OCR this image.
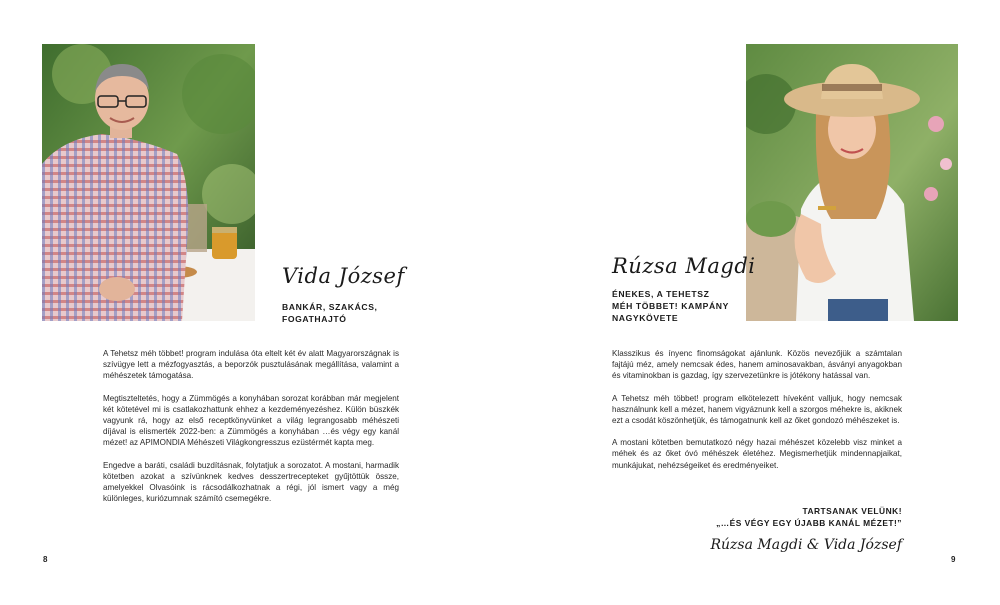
Vida József
BANKÁR, SZAKÁCS,
FOGATHAJTÓ

A Tehetsz méh többet! program indulása óta eltelt két év alatt Magyarországnak is szívügye lett a mézfogyasztás, a beporzók pusztulásának megállítása, valamint a méhészetek támogatása.

Megtiszteltetés, hogy a Zümmögés a konyhában sorozat korábban már megjelent két kötetével mi is csatlakozhattunk ehhez a kezdeményezéshez. Külön büszkék vagyunk rá, hogy az első receptkönyvünket a világ legrangosabb méhészeti díjával is elismerték 2022-ben: a Zümmögés a konyhában …és végy egy kanál mézet! az APIMONDIA Méhészeti Világkongresszus ezüstérmét kapta meg.

Engedve a baráti, családi buzdításnak, folytatjuk a sorozatot. A mostani, harmadik kötetben azokat a szívünknek kedves desszertrecepteket gyűjtöttük össze, amelyekkel Olvasóink is rácsodálkozhatnak a régi, jól ismert vagy a még különleges, kuriózumnak számító csemegékre.

8
Rúzsa Magdi
ÉNEKES, A TEHETSZ
MÉH TÖBBET! KAMPÁNY
NAGYKÖVETE

Klasszikus és ínyenc finomságokat ajánlunk. Közös nevezőjük a számtalan fajtájú méz, amely nemcsak édes, hanem aminosavakban, ásványi anyagokban és vitaminokban is gazdag, így szervezetünkre is jótékony hatással van.

A Tehetsz méh többet! program elkötelezett híveként valljuk, hogy nemcsak használnunk kell a mézet, hanem vigyáznunk kell a szorgos méhekre is, akiknek ezt a csodát köszönhetjük, és támogatnunk kell az őket gondozó méhészeket is.

A mostani kötetben bemutatkozó négy hazai méhészet közelebb visz minket a méhek és az őket óvó méhészek életéhez. Megismerhetjük mindennapjaikat, munkájukat, nehézségeiket és eredményeiket.

TARTSANAK VELÜNK!
„…ÉS VÉGY EGY ÚJABB KANÁL MÉZET!”
Rúzsa Magdi & Vida József
9
